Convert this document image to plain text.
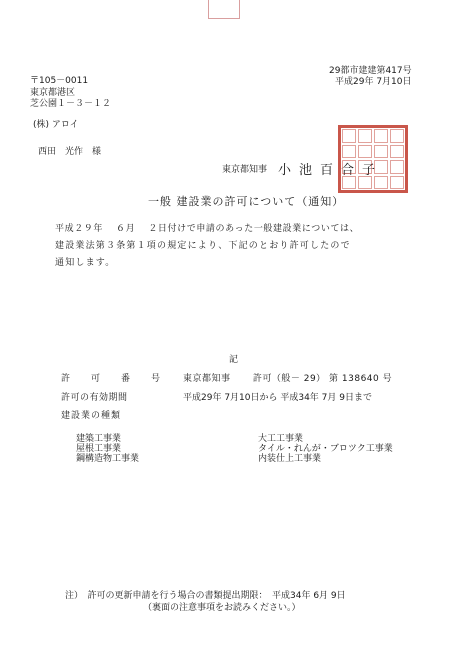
29都市建建第417号
平成29年 7月10日
〒105－0011
東京都港区
芝公園１－３－１２
(株) アロイ
西田　光作　様
東京都知事 小池百合子
一般 建設業の許可について（通知）
平成２９年　 ６月　 ２日付けで申請のあった一般建設業については、
建設業法第３条第１項の規定により、下記のとおり許可したので
通知します。
記
許　可　番　号 東京都知事　　 許可（般－ 29） 第 138640 号
許可の有効期間	平成29年 7月10日から 平成34年 7月 9日まで
建設業の種類
建築工事業
屋根工事業
鋼構造物工事業
大工工事業
タイル・れんが・ブロツク工事業
内装仕上工事業
注）　許可の更新申請を行う場合の書類提出期限：　平成34年 6月 9日
（裏面の注意事項をお読みください。）
